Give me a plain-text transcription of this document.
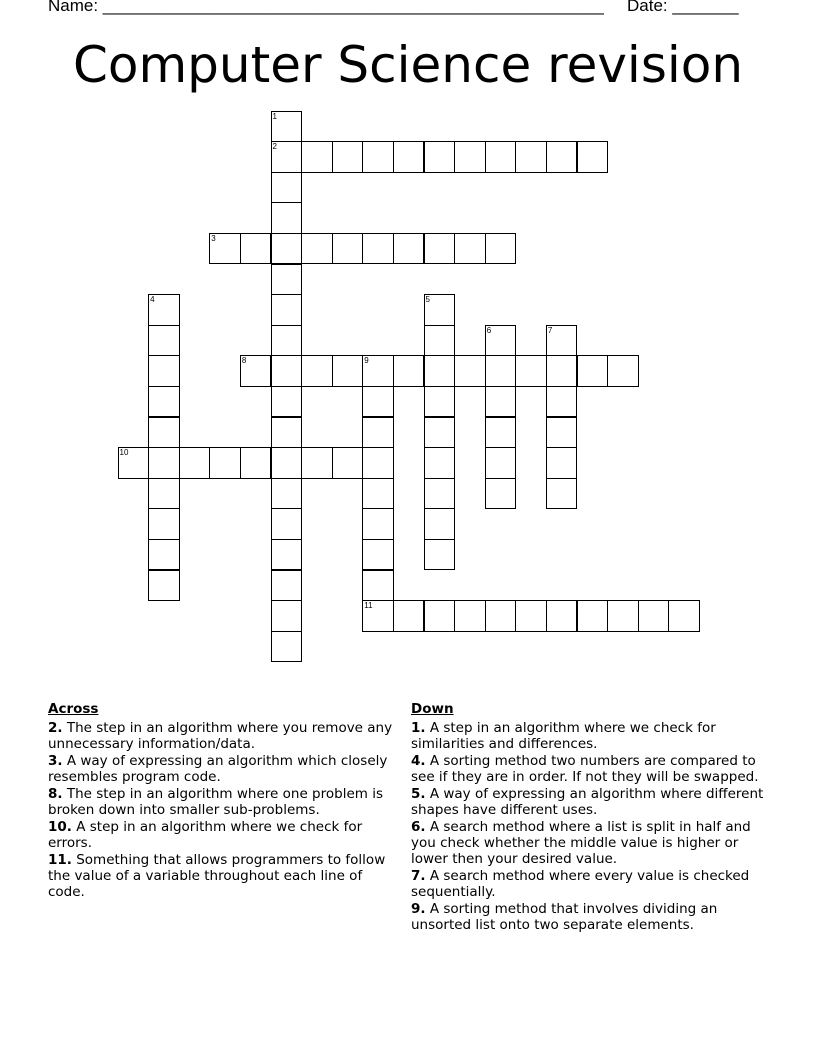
Name: _____________________________________________________ Date: _______
Computer Science revision
1
2
3
4	5
6	7
8	9
11
10
Across
2. The step in an algorithm where you remove any unnecessary information/data.
3. A way of expressing an algorithm which closely resembles program code.
8. The step in an algorithm where one problem is broken down into smaller sub-problems.
10. A step in an algorithm where we check for errors.
11. Something that allows programmers to follow the value of a variable throughout each line of code.
Down
1. A step in an algorithm where we check for similarities and differences.
4. A sorting method two numbers are compared to see if they are in order. If not they will be swapped.
5. A way of expressing an algorithm where different shapes have different uses.
6. A search method where a list is split in half and you check whether the middle value is higher or lower then your desired value.
7. A search method where every value is checked sequentially.
9. A sorting method that involves dividing an unsorted list onto two separate elements.
